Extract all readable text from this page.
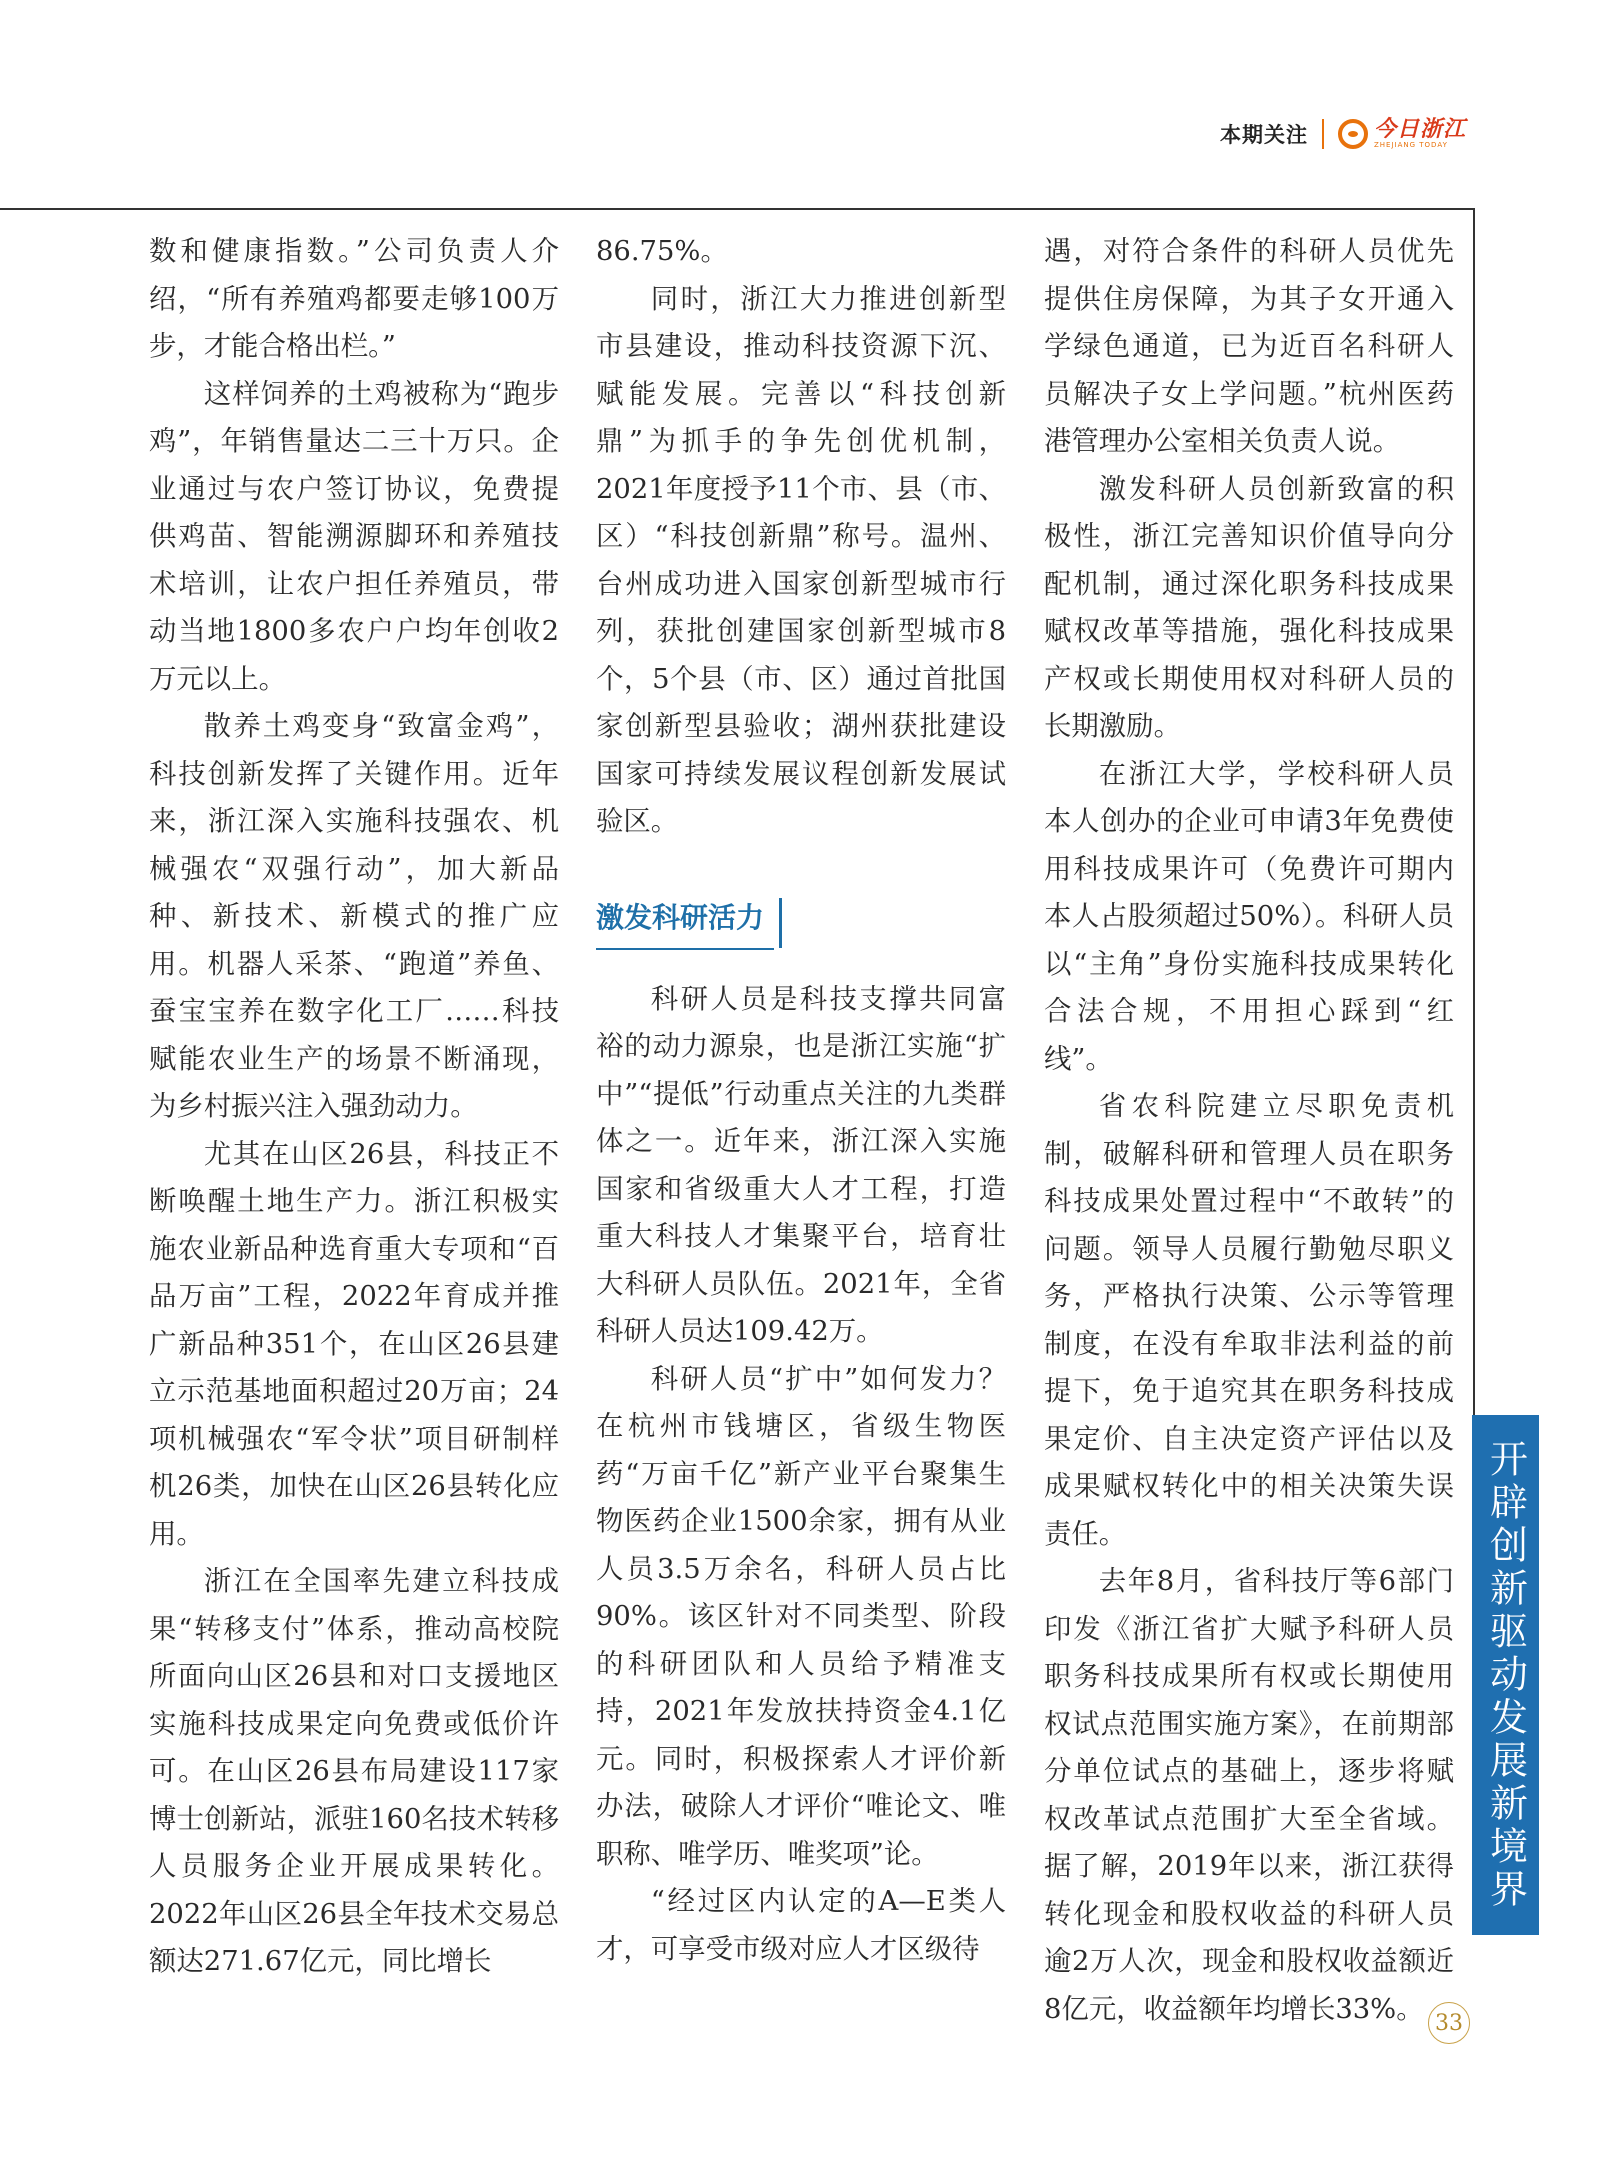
本期关注	今日浙江
ZHEJIANG TODAY

数和健康指数。”公司负责人介绍，“所有养殖鸡都要走够100万步，才能合格出栏。”

这样饲养的土鸡被称为“跑步鸡”，年销售量达二三十万只。企业通过与农户签订协议，免费提供鸡苗、智能溯源脚环和养殖技术培训，让农户担任养殖员，带动当地1800多农户户均年创收2万元以上。

散养土鸡变身“致富金鸡”，科技创新发挥了关键作用。近年来，浙江深入实施科技强农、机械强农“双强行动”，加大新品种、新技术、新模式的推广应用。机器人采茶、“跑道”养鱼、蚕宝宝养在数字化工厂……科技赋能农业生产的场景不断涌现，为乡村振兴注入强劲动力。

尤其在山区26县，科技正不断唤醒土地生产力。浙江积极实施农业新品种选育重大专项和“百品万亩”工程，2022年育成并推广新品种351个，在山区26县建立示范基地面积超过20万亩；24项机械强农“军令状”项目研制样机26类，加快在山区26县转化应用。

浙江在全国率先建立科技成果“转移支付”体系，推动高校院所面向山区26县和对口支援地区实施科技成果定向免费或低价许可。在山区26县布局建设117家博士创新站，派驻160名技术转移人员服务企业开展成果转化。2022年山区26县全年技术交易总额达271.67亿元，同比增长

86.75%。

同时，浙江大力推进创新型市县建设，推动科技资源下沉、赋能发展。完善以“科技创新鼎”为抓手的争先创优机制，2021年度授予11个市、县（市、区）“科技创新鼎”称号。温州、台州成功进入国家创新型城市行列，获批创建国家创新型城市8个，5个县（市、区）通过首批国家创新型县验收；湖州获批建设国家可持续发展议程创新发展试验区。

激发科研活力

科研人员是科技支撑共同富裕的动力源泉，也是浙江实施“扩中”“提低”行动重点关注的九类群体之一。近年来，浙江深入实施国家和省级重大人才工程，打造重大科技人才集聚平台，培育壮大科研人员队伍。2021年，全省科研人员达109.42万。

科研人员“扩中”如何发力？在杭州市钱塘区，省级生物医药“万亩千亿”新产业平台聚集生物医药企业1500余家，拥有从业人员3.5万余名，科研人员占比90%。该区针对不同类型、阶段的科研团队和人员给予精准支持，2021年发放扶持资金4.1亿元。同时，积极探索人才评价新办法，破除人才评价“唯论文、唯职称、唯学历、唯奖项”论。

“经过区内认定的A—E类人才，可享受市级对应人才区级待

遇，对符合条件的科研人员优先提供住房保障，为其子女开通入学绿色通道，已为近百名科研人员解决子女上学问题。”杭州医药港管理办公室相关负责人说。

激发科研人员创新致富的积极性，浙江完善知识价值导向分配机制，通过深化职务科技成果赋权改革等措施，强化科技成果产权或长期使用权对科研人员的长期激励。

在浙江大学，学校科研人员本人创办的企业可申请3年免费使用科技成果许可（免费许可期内本人占股须超过50%）。科研人员以“主角”身份实施科技成果转化合法合规，不用担心踩到“红线”。

省农科院建立尽职免责机制，破解科研和管理人员在职务科技成果处置过程中“不敢转”的问题。领导人员履行勤勉尽职义务，严格执行决策、公示等管理制度，在没有牟取非法利益的前提下，免于追究其在职务科技成果定价、自主决定资产评估以及成果赋权转化中的相关决策失误责任。

去年8月，省科技厅等6部门印发《浙江省扩大赋予科研人员职务科技成果所有权或长期使用权试点范围实施方案》，在前期部分单位试点的基础上，逐步将赋权改革试点范围扩大至全省域。据了解，2019年以来，浙江获得转化现金和股权收益的科研人员逾2万人次，现金和股权收益额近8亿元，收益额年均增长33%。

开辟创新驱动发展新境界
33
